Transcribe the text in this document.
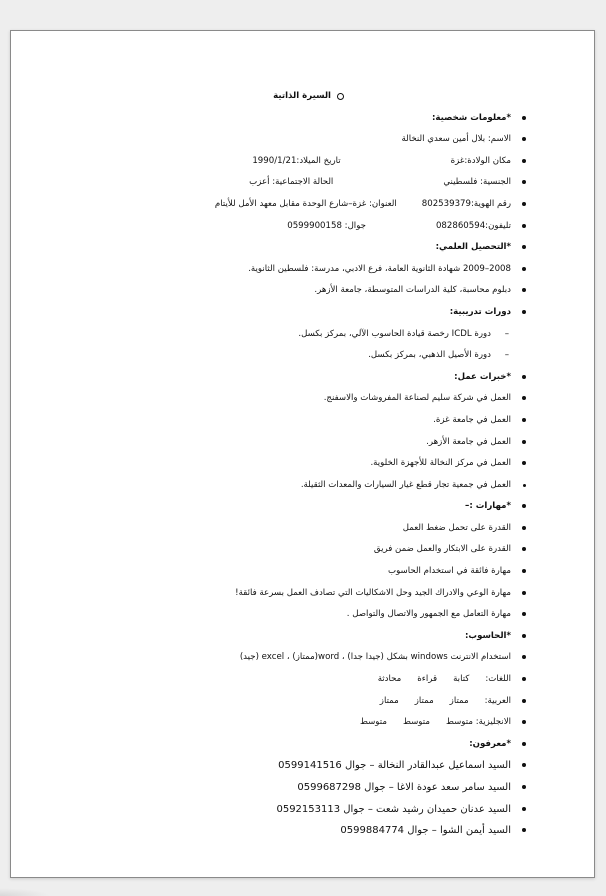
السيرة الذاتية
*معلومات شخصية:
الاسم: بلال أمين سعدي النخالة
مكان الولادة:غزةتاريخ الميلاد:1990/1/21
الجنسية: فلسطينيالحالة الاجتماعية: أعزب
رقم الهوية:802539379العنوان: غزة–شارع الوحدة مقابل معهد الأمل للأيتام
تليفون:082860594جوال: 0599900158
*التحصيل العلمي:
2008–2009 شهادة الثانوية العامة، فرع الادبي، مدرسة: فلسطين الثانوية.
دبلوم محاسبة، كلية الدراسات المتوسطة، جامعة الأزهر.
دورات تدريبية:
–
دورة ICDL رخصة قيادة الحاسوب الآلي، بمركز بكسل.
–
دورة الأصيل الذهبي، بمركز بكسل.
*خبرات عمل:
العمل في شركة سليم لصناعة المفروشات والاسفنج.
العمل في جامعة غزة.
العمل في جامعة الأزهر.
العمل في مركز النخالة للأجهزة الخلوية.
العمل في جمعية تجار قطع غيار السيارات والمعدات الثقيلة.
*مهارات :–
القدرة على تحمل ضغط العمل
القدرة على الابتكار والعمل ضمن فريق
مهارة فائقة في استخدام الحاسوب
مهارة الوعي والادراك الجيد وحل الاشكاليات التي تصادف العمل بسرعة فائقة!
مهارة التعامل مع الجمهور والاتصال والتواصل .
*الحاسوب:
استخدام الانترنت windows بشكل (جيدا جدا) ، word(ممتاز) ، excel (جيد)
اللغات:كتابةقراءةمحادثة
العربية:ممتازممتازممتاز
الانجليزية: متوسطمتوسطمتوسط
*معرفون:
السيد اسماعيل عبدالقادر النخالة – جوال 0599141516
السيد سامر سعد عودة الاغا – جوال 0599687298
السيد عدنان حميدان رشيد شعت – جوال 0592153113
السيد أيمن الشوا – جوال 0599884774
